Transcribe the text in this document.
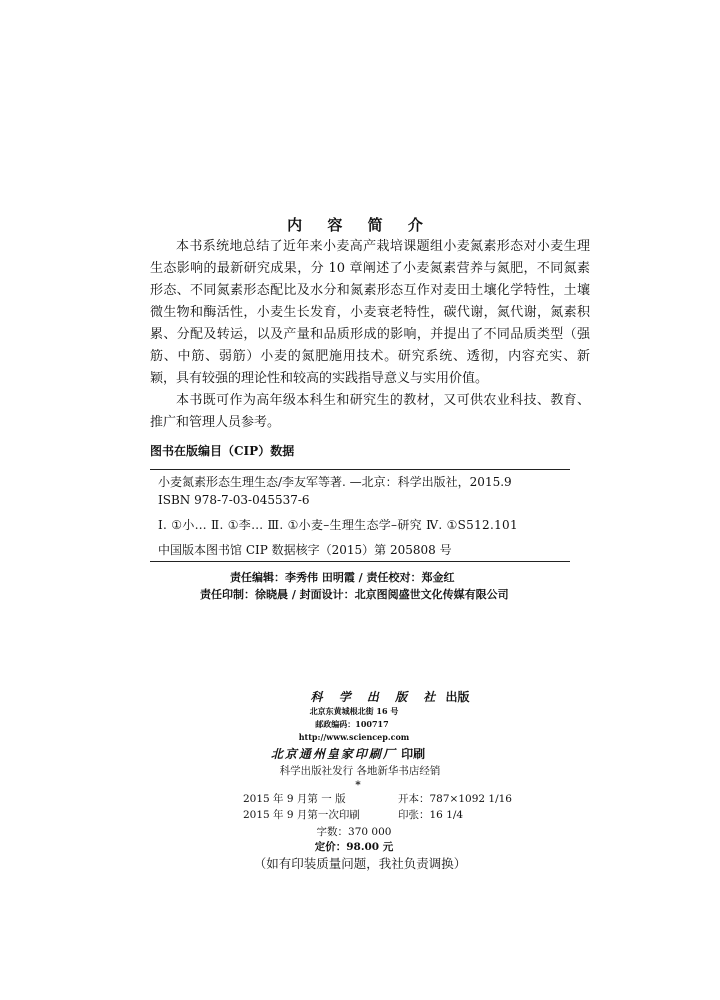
内 容 简 介

本书系统地总结了近年来小麦高产栽培课题组小麦氮素形态对小麦生理生态影响的最新研究成果，分 10 章阐述了小麦氮素营养与氮肥，不同氮素形态、不同氮素形态配比及水分和氮素形态互作对麦田土壤化学特性，土壤微生物和酶活性，小麦生长发育，小麦衰老特性，碳代谢，氮代谢，氮素积累、分配及转运，以及产量和品质形成的影响，并提出了不同品质类型（强筋、中筋、弱筋）小麦的氮肥施用技术。研究系统、透彻，内容充实、新颖，具有较强的理论性和较高的实践指导意义与实用价值。

本书既可作为高年级本科生和研究生的教材，又可供农业科技、教育、推广和管理人员参考。

图书在版编目（CIP）数据
小麦氮素形态生理生态/李友军等著. —北京：科学出版社，2015.9
ISBN 978-7-03-045537-6
Ⅰ. ①小… Ⅱ. ①李… Ⅲ. ①小麦–生理生态学–研究 Ⅳ. ①S512.101
中国版本图书馆 CIP 数据核字（2015）第 205808 号
责任编辑：李秀伟 田明霞 / 责任校对：郑金红
责任印制：徐晓晨 / 封面设计：北京图阅盛世文化传媒有限公司
科 学 出 版 社 出版
北京东黄城根北街 16 号
邮政编码：100717
http://www.sciencep.com
北京通州皇家印刷厂 印刷
科学出版社发行 各地新华书店经销
*
2015 年 9 月第 一 版	开本：787×1092 1/16
2015 年 9 月第一次印刷	印张：16 1/4
字数：370 000
定价：98.00 元
（如有印装质量问题，我社负责调换）
